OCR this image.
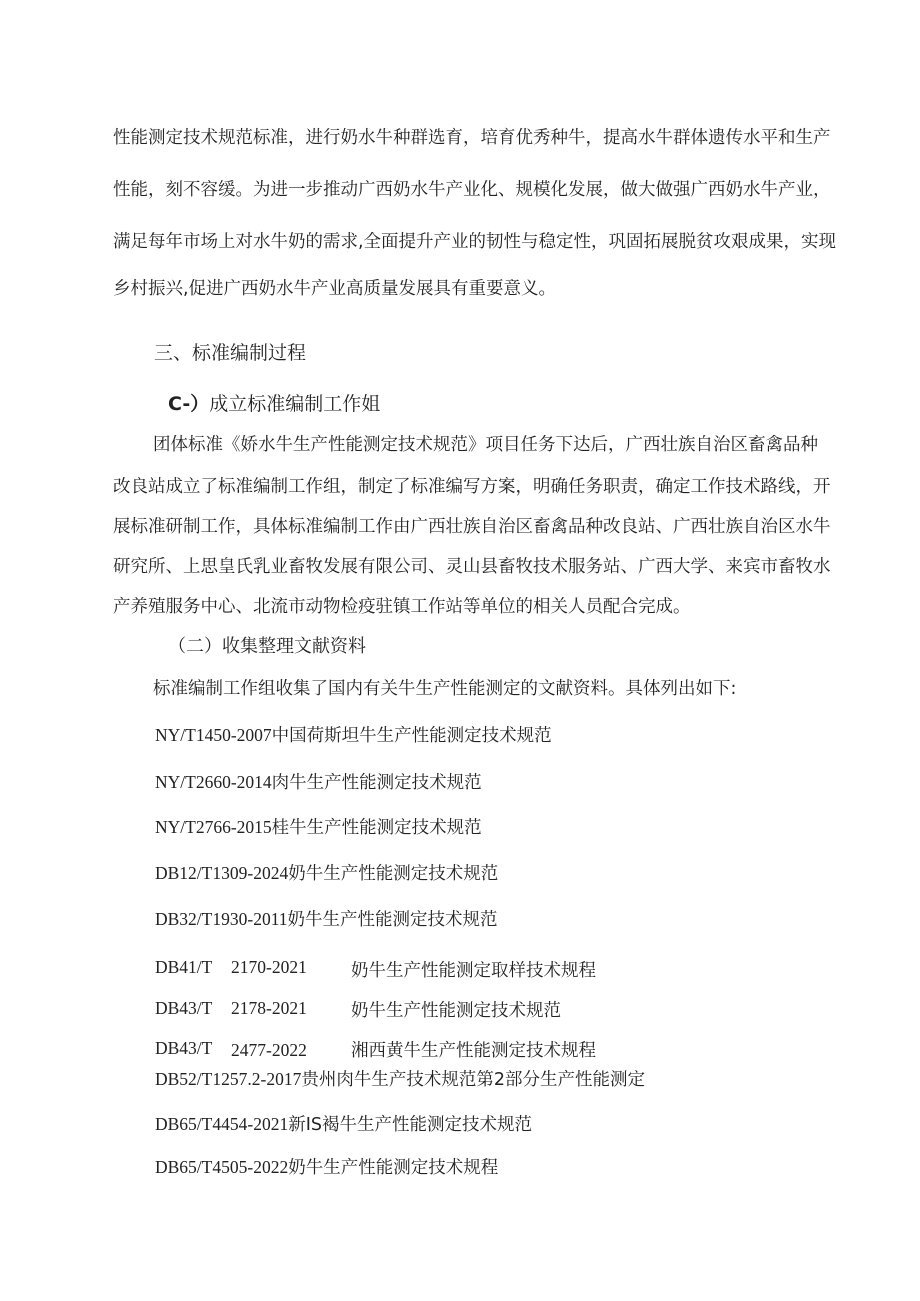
性能测定技术规范标准，进行奶水牛种群选育，培育优秀种牛，提高水牛群体遗传水平和生产
性能，刻不容缓。为进一步推动广西奶水牛产业化、规模化发展，做大做强广西奶水牛产业，
满足每年市场上对水牛奶的需求,全面提升产业的韧性与稳定性，巩固拓展脱贫攻艰成果，实现
乡村振兴,促进广西奶水牛产业高质量发展具有重要意义。
三、标准编制过程
C-）成立标准编制工作姐
团体标准《娇水牛生产性能测定技术规范》项目任务下达后，广西壮族自治区畜禽品种
改良站成立了标准编制工作组，制定了标准编写方案，明确任务职责，确定工作技术路线，开
展标准研制工作，具体标准编制工作由广西壮族自治区畜禽品种改良站、广西壮族自治区水牛
研究所、上思皇氏乳业畜牧发展有限公司、灵山县畜牧技术服务站、广西大学、来宾市畜牧水
产养殖服务中心、北流市动物检疫驻镇工作站等单位的相关人员配合完成。
（二）收集整理文献资料
标准编制工作组收集了国内有关牛生产性能测定的文献资料。具体列出如下:
NY/T1450-2007中国荷斯坦牛生产性能测定技术规范
NY/T2660-2014肉牛生产性能测定技术规范
NY/T2766-2015桂牛生产性能测定技术规范
DB12/T1309-2024奶牛生产性能测定技术规范
DB32/T1930-2011奶牛生产性能测定技术规范
DB41/T 2170-2021	奶牛生产性能测定取样技术规程
DB43/T 2178-2021	奶牛生产性能测定技术规范
DB43/T 2477-2022	湘西黄牛生产性能测定技术规程
DB52/T1257.2-2017贵州肉牛生产技术规范第2部分生产性能测定
DB65/T4454-2021新IS褐牛生产性能测定技术规范
DB65/T4505-2022奶牛生产性能测定技术规程
